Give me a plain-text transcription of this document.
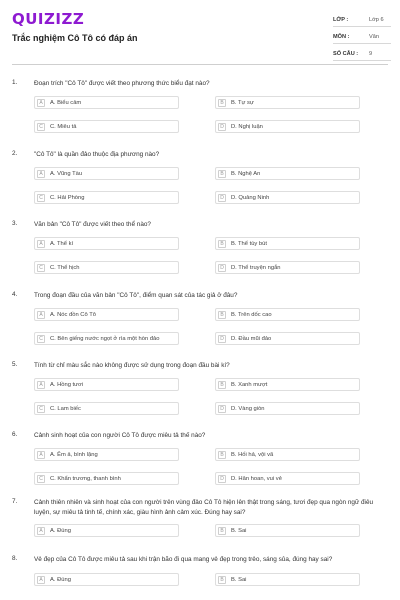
QUIZIZZ
Trắc nghiệm Cô Tô có đáp án
LỚP :	Lớp 6
MÔN :	Văn
SỐ CÂU : 9
1.	Đoạn trích "Cô Tô" được viết theo phương thức biểu đạt nào?
A	A. Biểu cảm	B	B. Tự sự
C	C. Miêu tả	D	D. Nghị luận
2.	"Cô Tô" là quần đảo thuộc địa phương nào?
A	A. Vũng Tàu	B	B. Nghệ An
C	C. Hải Phòng	D	D. Quảng Ninh
3.	Văn bản "Cô Tô" được viết theo thể nào?
A	A. Thể kí	B	B. Thể tùy bút
C	C. Thể hịch	D	D. Thể truyện ngắn
4.	Trong đoạn đầu của văn bản "Cô Tô", điểm quan sát của tác giả ở đâu?
A	A. Nóc đồn Cô Tô	B	B. Trên dốc cao
C	C. Bên giếng nước ngọt ở rìa một hòn đảo	D	D. Đầu mũi đảo
5.	Tính từ chỉ màu sắc nào không được sử dụng trong đoạn đầu bài kí?
A	A. Hồng tươi	B	B. Xanh mượt
C	C. Lam biếc	D	D. Vàng giòn
6.	Cảnh sinh hoạt của con người Cô Tô được miêu tả thế nào?
A	A. Êm ả, bình lặng	B	B. Hối hả, vội vã
C	C. Khẩn trương, thanh bình	D	D. Hân hoan, vui vẻ
7.	Cảnh thiên nhiên và sinh hoạt của con người trên vùng đảo Cô Tô hiện lên thật trong sáng, tươi đẹp qua ngòn ngữ điêu luyện, sự miêu tả tinh tế, chính xác, giàu hình ảnh cảm xúc. Đúng hay sai?
A	A. Đúng	B	B. Sai
8.	Vẻ đẹp của Cô Tô được miêu tả sau khi trận bão đi qua mang vẻ đẹp trong trẻo, sáng sủa, đúng hay sai?
A	A. Đúng	B	B. Sai
